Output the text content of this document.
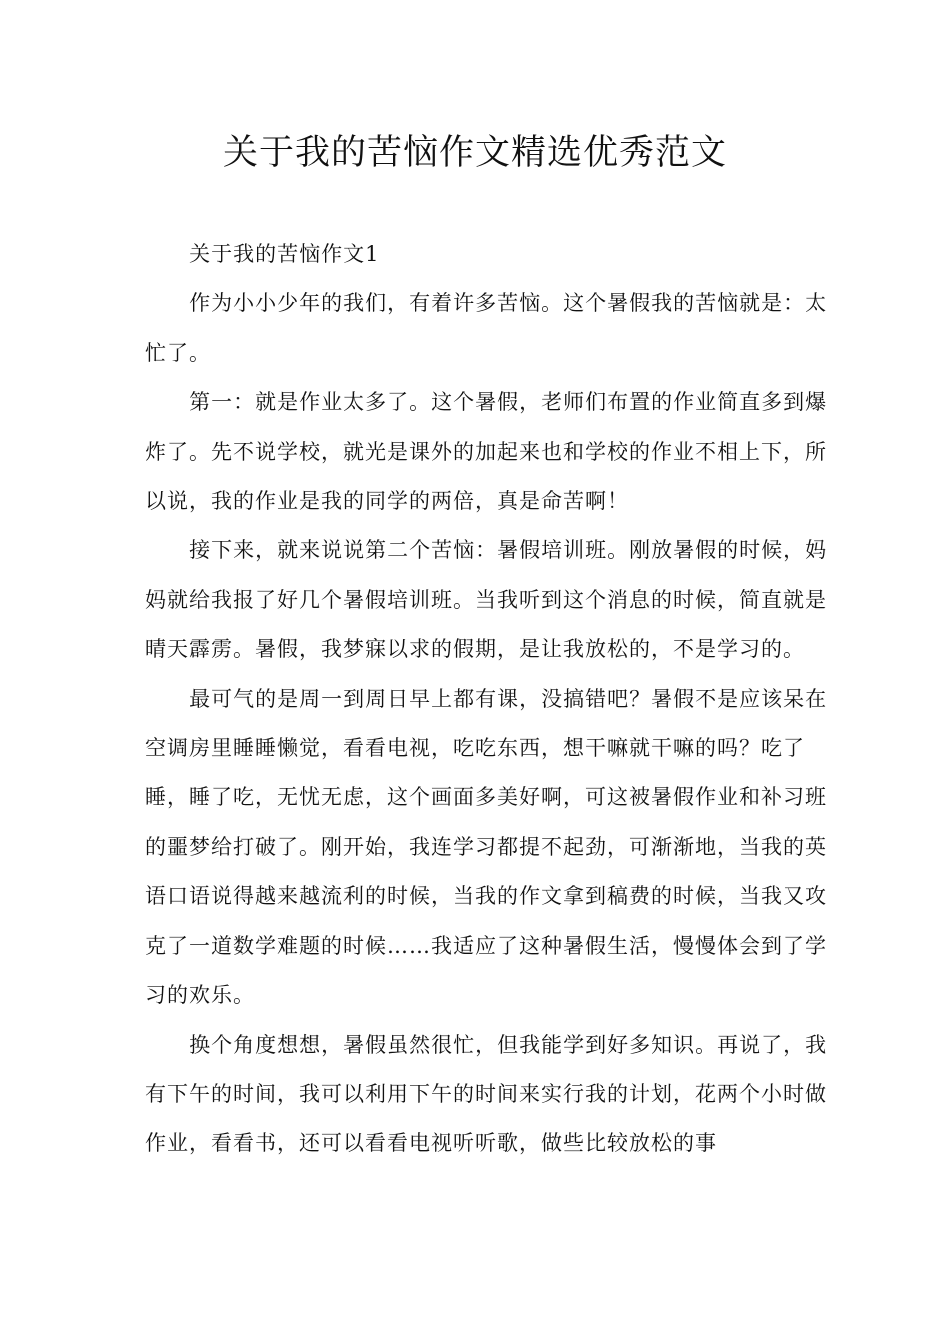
关于我的苦恼作文精选优秀范文

关于我的苦恼作文1

作为小小少年的我们，有着许多苦恼。这个暑假我的苦恼就是：太忙了。

第一：就是作业太多了。这个暑假，老师们布置的作业简直多到爆炸了。先不说学校，就光是课外的加起来也和学校的作业不相上下，所以说，我的作业是我的同学的两倍，真是命苦啊！

接下来，就来说说第二个苦恼：暑假培训班。刚放暑假的时候，妈妈就给我报了好几个暑假培训班。当我听到这个消息的时候，简直就是晴天霹雳。暑假，我梦寐以求的假期，是让我放松的，不是学习的。

最可气的是周一到周日早上都有课，没搞错吧？暑假不是应该呆在空调房里睡睡懒觉，看看电视，吃吃东西，想干嘛就干嘛的吗？吃了睡，睡了吃，无忧无虑，这个画面多美好啊，可这被暑假作业和补习班的噩梦给打破了。刚开始，我连学习都提不起劲，可渐渐地，当我的英语口语说得越来越流利的时候，当我的作文拿到稿费的时候，当我又攻克了一道数学难题的时候……我适应了这种暑假生活，慢慢体会到了学习的欢乐。

换个角度想想，暑假虽然很忙，但我能学到好多知识。再说了，我有下午的时间，我可以利用下午的时间来实行我的计划，花两个小时做作业，看看书，还可以看看电视听听歌，做些比较放松的事
